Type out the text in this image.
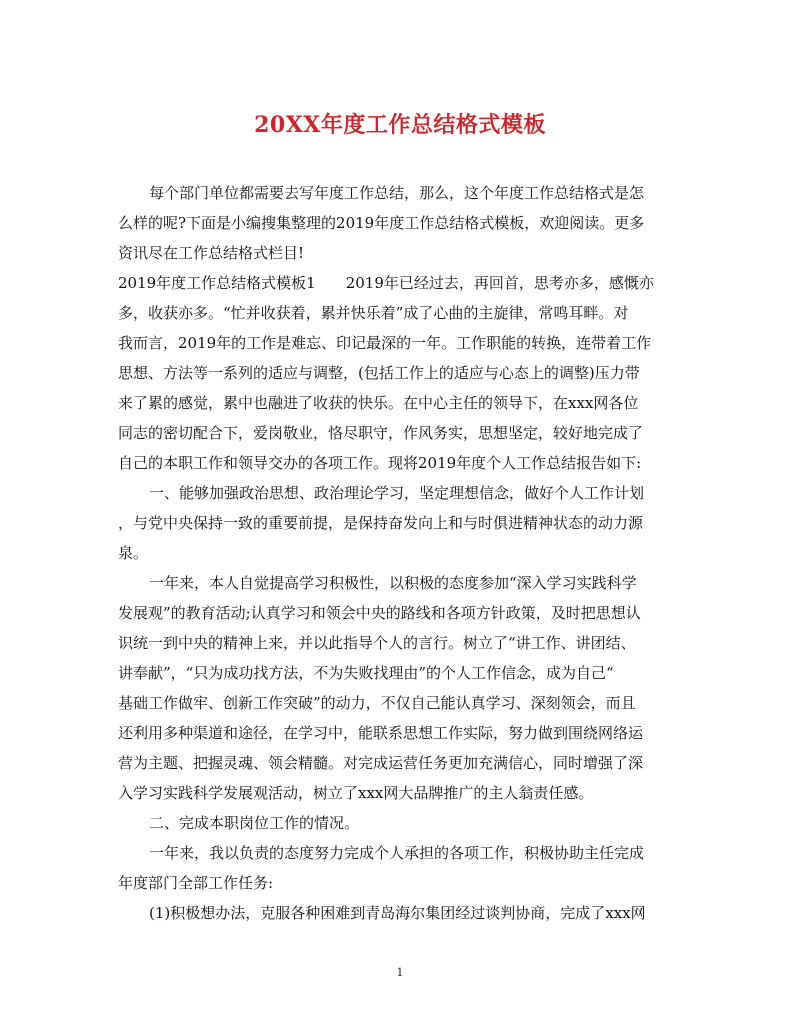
20XX年度工作总结格式模板
每个部门单位都需要去写年度工作总结，那么，这个年度工作总结格式是怎
么样的呢?下面是小编搜集整理的2019年度工作总结格式模板，欢迎阅读。更多
资讯尽在工作总结格式栏目!
2019年度工作总结格式模板1　　2019年已经过去，再回首，思考亦多，感慨亦
多，收获亦多。“忙并收获着，累并快乐着”成了心曲的主旋律，常鸣耳畔。对
我而言，2019年的工作是难忘、印记最深的一年。工作职能的转换，连带着工作
思想、方法等一系列的适应与调整，(包括工作上的适应与心态上的调整)压力带
来了累的感觉，累中也融进了收获的快乐。在中心主任的领导下，在xxx网各位
同志的密切配合下，爱岗敬业，恪尽职守，作风务实，思想坚定，较好地完成了
自己的本职工作和领导交办的各项工作。现将2019年度个人工作总结报告如下:
一、能够加强政治思想、政治理论学习，坚定理想信念，做好个人工作计划
，与党中央保持一致的重要前提，是保持奋发向上和与时俱进精神状态的动力源
泉。
一年来，本人自觉提高学习积极性，以积极的态度参加“深入学习实践科学
发展观”的教育活动;认真学习和领会中央的路线和各项方针政策，及时把思想认
识统一到中央的精神上来，并以此指导个人的言行。树立了“讲工作、讲团结、
讲奉献”，“只为成功找方法，不为失败找理由”的个人工作信念，成为自己“
基础工作做牢、创新工作突破”的动力，不仅自己能认真学习、深刻领会，而且
还利用多种渠道和途径，在学习中，能联系思想工作实际，努力做到围绕网络运
营为主题、把握灵魂、领会精髓。对完成运营任务更加充满信心，同时增强了深
入学习实践科学发展观活动，树立了xxx网大品牌推广的主人翁责任感。
二、完成本职岗位工作的情况。
一年来，我以负责的态度努力完成个人承担的各项工作，积极协助主任完成
年度部门全部工作任务:
(1)积极想办法，克服各种困难到青岛海尔集团经过谈判协商，完成了xxx网
1
